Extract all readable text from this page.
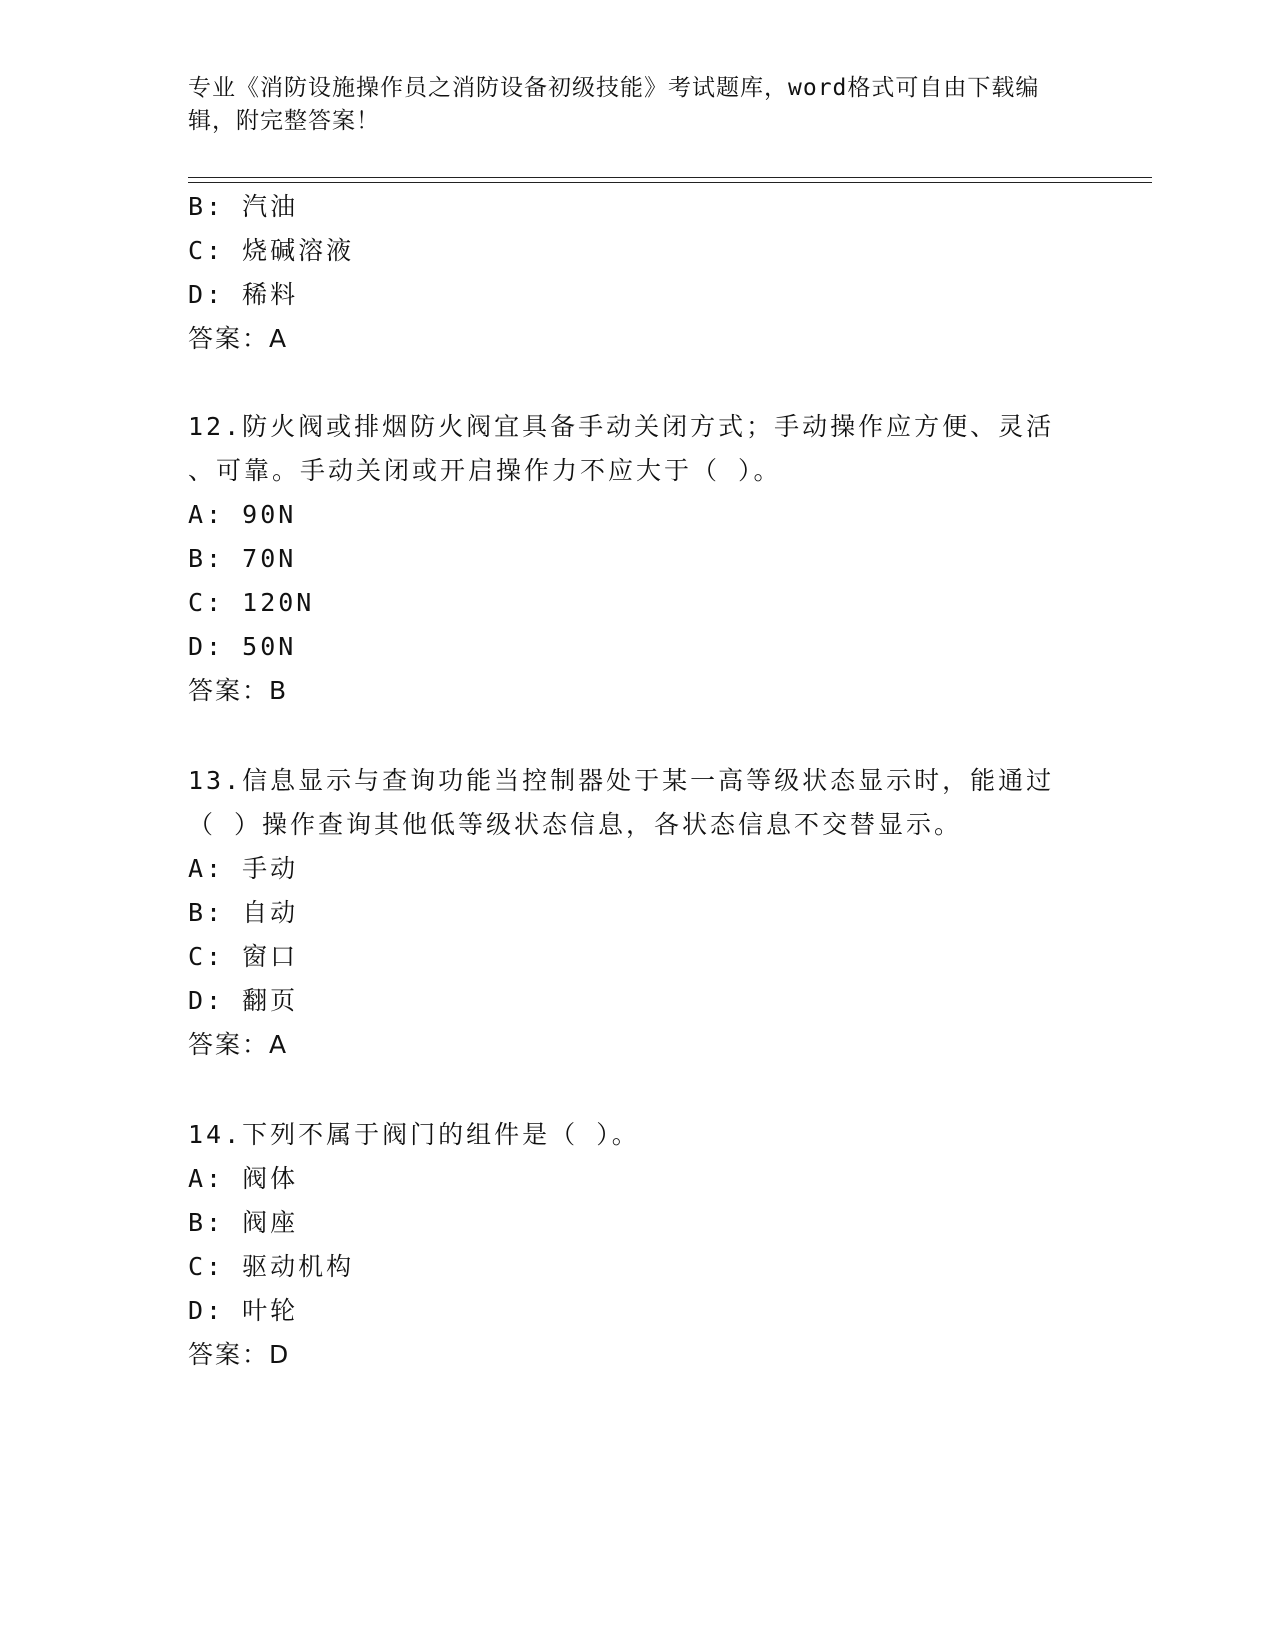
专业《消防设施操作员之消防设备初级技能》考试题库，word格式可自由下载编
辑，附完整答案！
B: 汽油
C: 烧碱溶液
D: 稀料
答案：A
12.防火阀或排烟防火阀宜具备手动关闭方式；手动操作应方便、灵活
、可靠。手动关闭或开启操作力不应大于（ ）。
A: 90N
B: 70N
C: 120N
D: 50N
答案：B
13.信息显示与查询功能当控制器处于某一高等级状态显示时，能通过
（ ）操作查询其他低等级状态信息，各状态信息不交替显示。
A: 手动
B: 自动
C: 窗口
D: 翻页
答案：A
14.下列不属于阀门的组件是（ ）。
A: 阀体
B: 阀座
C: 驱动机构
D: 叶轮
答案：D
